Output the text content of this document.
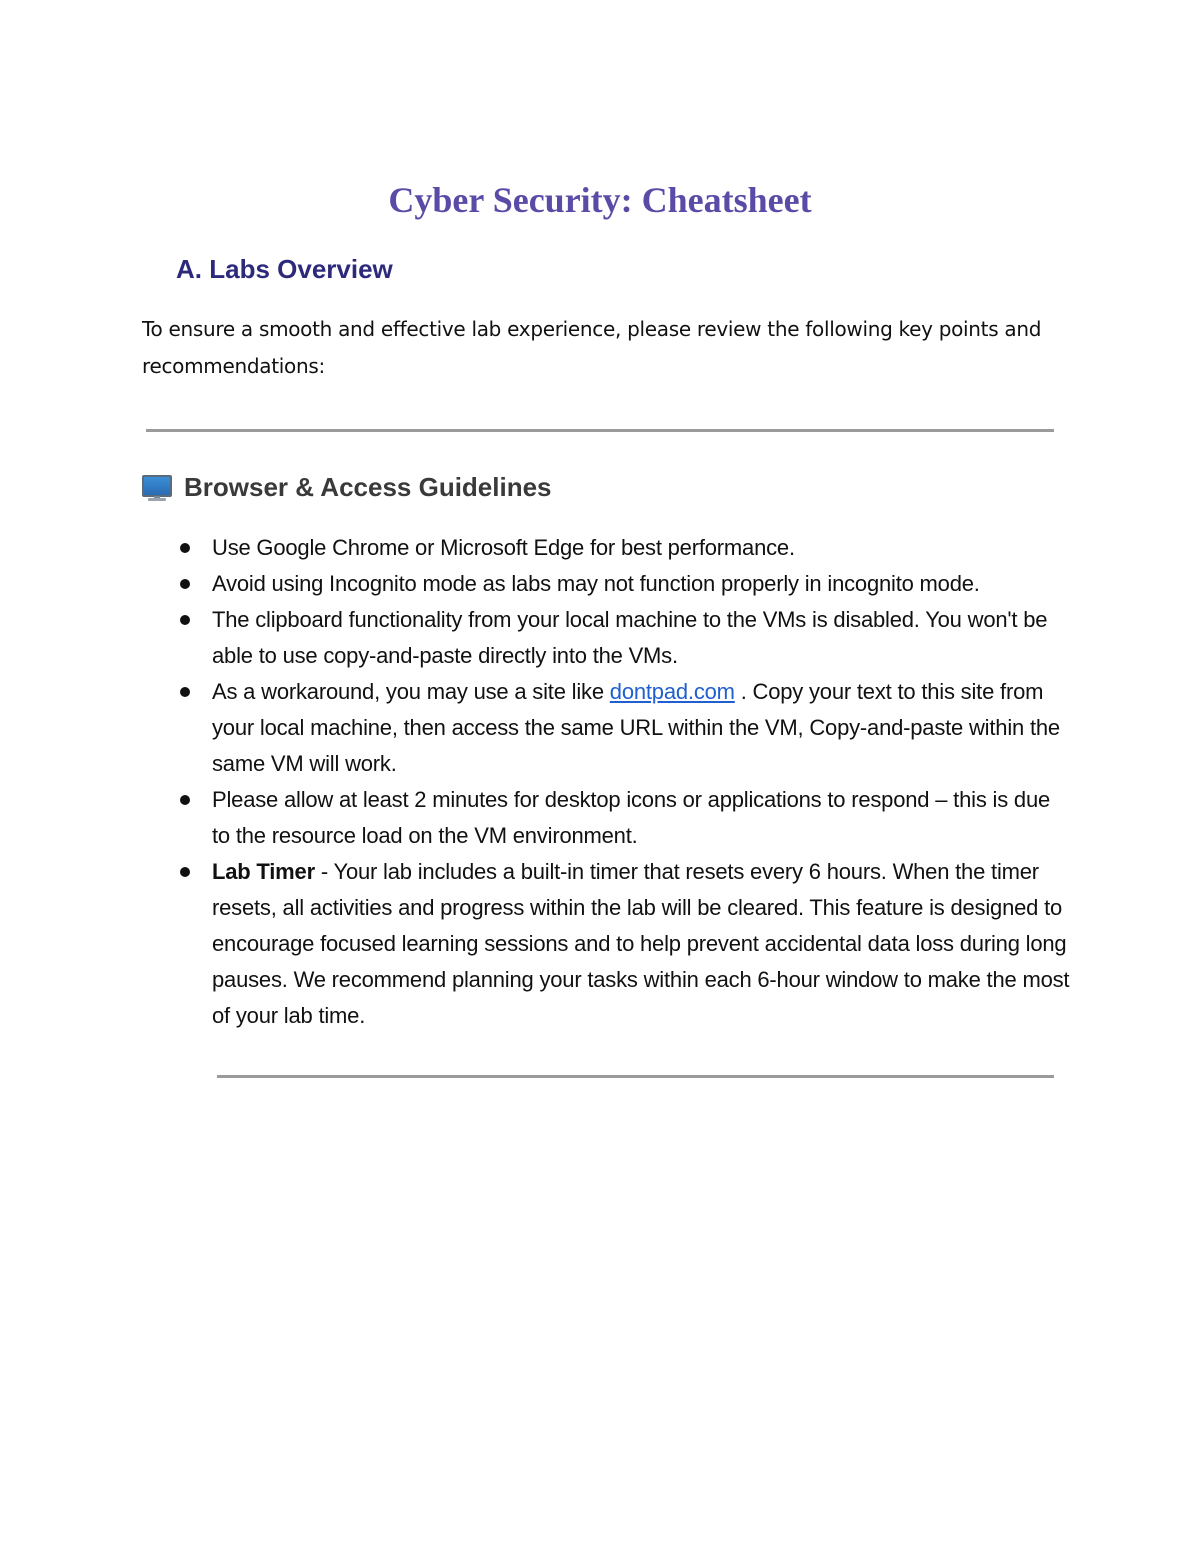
Cyber Security: Cheatsheet
A. Labs Overview

To ensure a smooth and effective lab experience, please review the following key points and recommendations:

Browser & Access Guidelines
Use Google Chrome or Microsoft Edge for best performance.
Avoid using Incognito mode as labs may not function properly in incognito mode.
The clipboard functionality from your local machine to the VMs is disabled. You won't be able to use copy-and-paste directly into the VMs.
As a workaround, you may use a site like dontpad.com . Copy your text to this site from your local machine, then access the same URL within the VM, Copy-and-paste within the same VM will work.
Please allow at least 2 minutes for desktop icons or applications to respond – this is due to the resource load on the VM environment.
Lab Timer - Your lab includes a built-in timer that resets every 6 hours. When the timer resets, all activities and progress within the lab will be cleared. This feature is designed to encourage focused learning sessions and to help prevent accidental data loss during long pauses. We recommend planning your tasks within each 6-hour window to make the most of your lab time.
